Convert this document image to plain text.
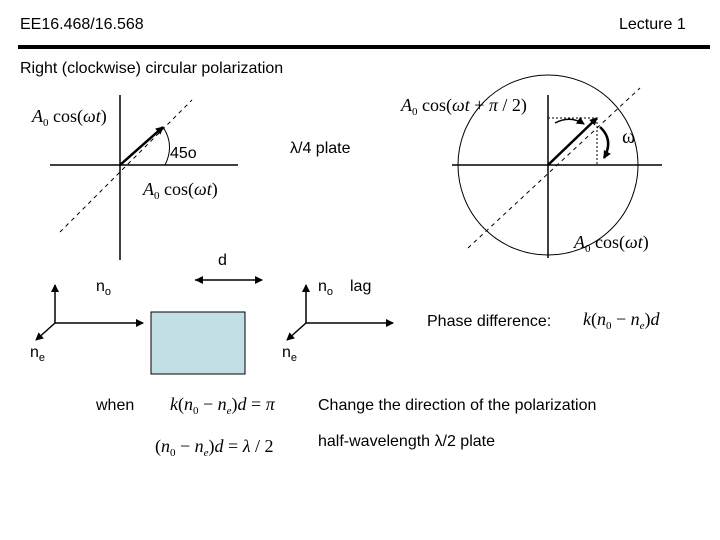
EE16.468/16.568	Lecture 1
Right (clockwise) circular polarization
$A_0$ cos(ωt)
45o
$A_0$ cos(ωt)
λ/4 plate
$A_0$ cos(ωt + π / 2)
ω
$A_0$ cos(ωt)
d
$n_o$
$n_e$
$n_o$ lag
$n_e$
Phase difference: $k(n_0 - n_e)d$
when $k(n_0 - n_e)d = \pi$	Change the direction of the polarization
$(n_0 - n_e)d = \lambda / 2$	half-wavelength λ/2 plate
